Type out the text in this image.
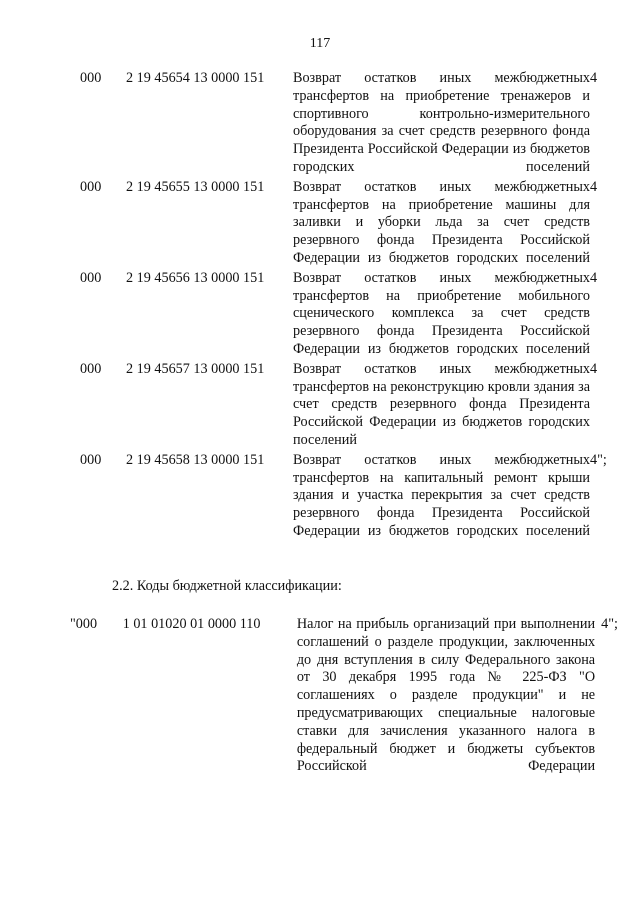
117
000	2 19 45654 13 0000 151	Возврат остатков иных межбюджетных трансфертов на приобретение тренажеров и спортивного контрольно-измерительного оборудования за счет средств резервного фонда Президента Российской Федерации из бюджетов городских поселений	4
000	2 19 45655 13 0000 151	Возврат остатков иных межбюджетных трансфертов на приобретение машины для заливки и уборки льда за счет средств резервного фонда Президента Российской Федерации из бюджетов городских поселений	4
000	2 19 45656 13 0000 151	Возврат остатков иных межбюджетных трансфертов на приобретение мобильного сценического комплекса за счет средств резервного фонда Президента Российской Федерации из бюджетов городских поселений	4
000	2 19 45657 13 0000 151	Возврат остатков иных межбюджетных трансфертов на реконструкцию кровли здания за счет средств резервного фонда Президента Российской Федерации из бюджетов городских поселений	4
000	2 19 45658 13 0000 151	Возврат остатков иных межбюджетных трансфертов на капитальный ремонт крыши здания и участка перекрытия за счет средств резервного фонда Президента Российской Федерации из бюджетов городских поселений	4";
2.2. Коды бюджетной классификации:
"000	1 01 01020 01 0000 110	Налог на прибыль организаций при выполнении соглашений о разделе продукции, заключенных до дня вступления в силу Федерального закона от 30 декабря 1995 года № 225-ФЗ "О соглашениях о разделе продукции" и не предусматривающих специальные налоговые ставки для зачисления указанного налога в федеральный бюджет и бюджеты субъектов Российской Федерации	4";
